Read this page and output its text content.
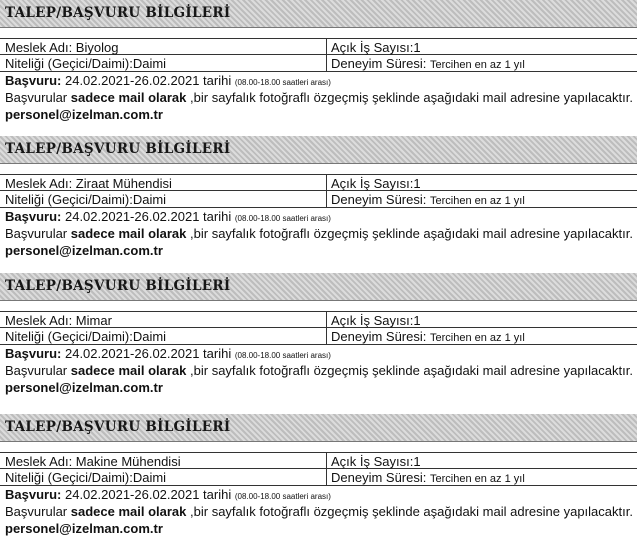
TALEP/BAŞVURU BİLGİLERİ
Meslek Adı: Biyolog	Açık İş Sayısı:1
Niteliği (Geçici/Daimi):Daimi	Deneyim Süresi: Tercihen en az 1 yıl
Başvuru: 24.02.2021-26.02.2021 tarihi (08.00-18.00 saatleri arası)
Başvurular sadece mail olarak ,bir sayfalık fotoğraflı özgeçmiş şeklinde aşağıdaki mail adresine yapılacaktır.
personel@izelman.com.tr
TALEP/BAŞVURU BİLGİLERİ
Meslek Adı: Ziraat Mühendisi	Açık İş Sayısı:1
Niteliği (Geçici/Daimi):Daimi	Deneyim Süresi: Tercihen en az 1 yıl
Başvuru: 24.02.2021-26.02.2021 tarihi (08.00-18.00 saatleri arası)
Başvurular sadece mail olarak ,bir sayfalık fotoğraflı özgeçmiş şeklinde aşağıdaki mail adresine yapılacaktır.
personel@izelman.com.tr
TALEP/BAŞVURU BİLGİLERİ
Meslek Adı: Mimar	Açık İş Sayısı:1
Niteliği (Geçici/Daimi):Daimi	Deneyim Süresi: Tercihen en az 1 yıl
Başvuru: 24.02.2021-26.02.2021 tarihi (08.00-18.00 saatleri arası)
Başvurular sadece mail olarak ,bir sayfalık fotoğraflı özgeçmiş şeklinde aşağıdaki mail adresine yapılacaktır.
personel@izelman.com.tr
TALEP/BAŞVURU BİLGİLERİ
Meslek Adı: Makine Mühendisi	Açık İş Sayısı:1
Niteliği (Geçici/Daimi):Daimi	Deneyim Süresi: Tercihen en az 1 yıl
Başvuru: 24.02.2021-26.02.2021 tarihi (08.00-18.00 saatleri arası)
Başvurular sadece mail olarak ,bir sayfalık fotoğraflı özgeçmiş şeklinde aşağıdaki mail adresine yapılacaktır.
personel@izelman.com.tr
